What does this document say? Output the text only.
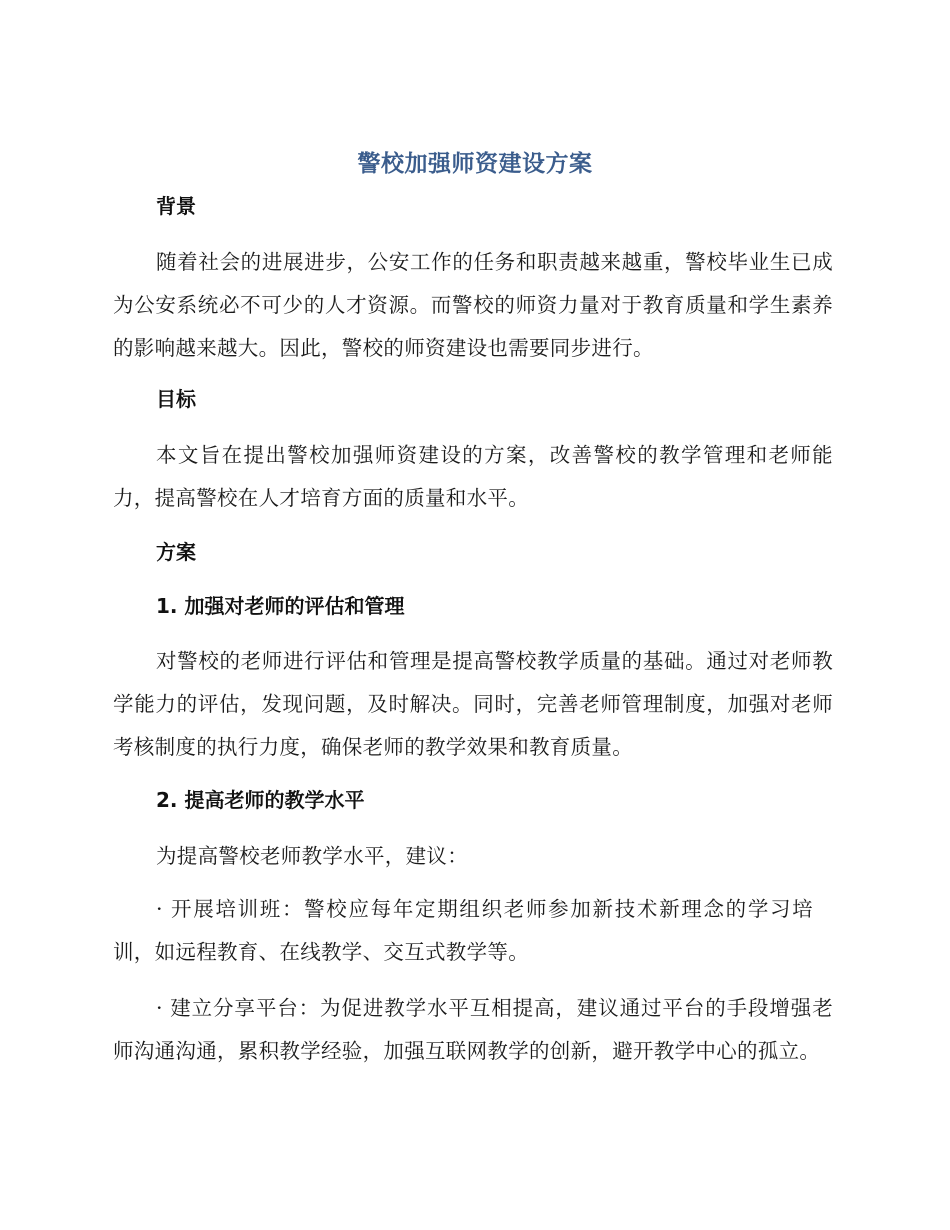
警校加强师资建设方案
背景
随着社会的进展进步，公安工作的任务和职责越来越重，警校毕业生已成为公安系统必不可少的人才资源。而警校的师资力量对于教育质量和学生素养的影响越来越大。因此，警校的师资建设也需要同步进行。
目标
本文旨在提出警校加强师资建设的方案，改善警校的教学管理和老师能力，提高警校在人才培育方面的质量和水平。
方案
1. 加强对老师的评估和管理
对警校的老师进行评估和管理是提高警校教学质量的基础。通过对老师教学能力的评估，发现问题，及时解决。同时，完善老师管理制度，加强对老师考核制度的执行力度，确保老师的教学效果和教育质量。
2. 提高老师的教学水平
为提高警校老师教学水平，建议：
· 开展培训班：警校应每年定期组织老师参加新技术新理念的学习培训，如远程教育、在线教学、交互式教学等。
· 建立分享平台：为促进教学水平互相提高，建议通过平台的手段增强老师沟通沟通，累积教学经验，加强互联网教学的创新，避开教学中心的孤立。
